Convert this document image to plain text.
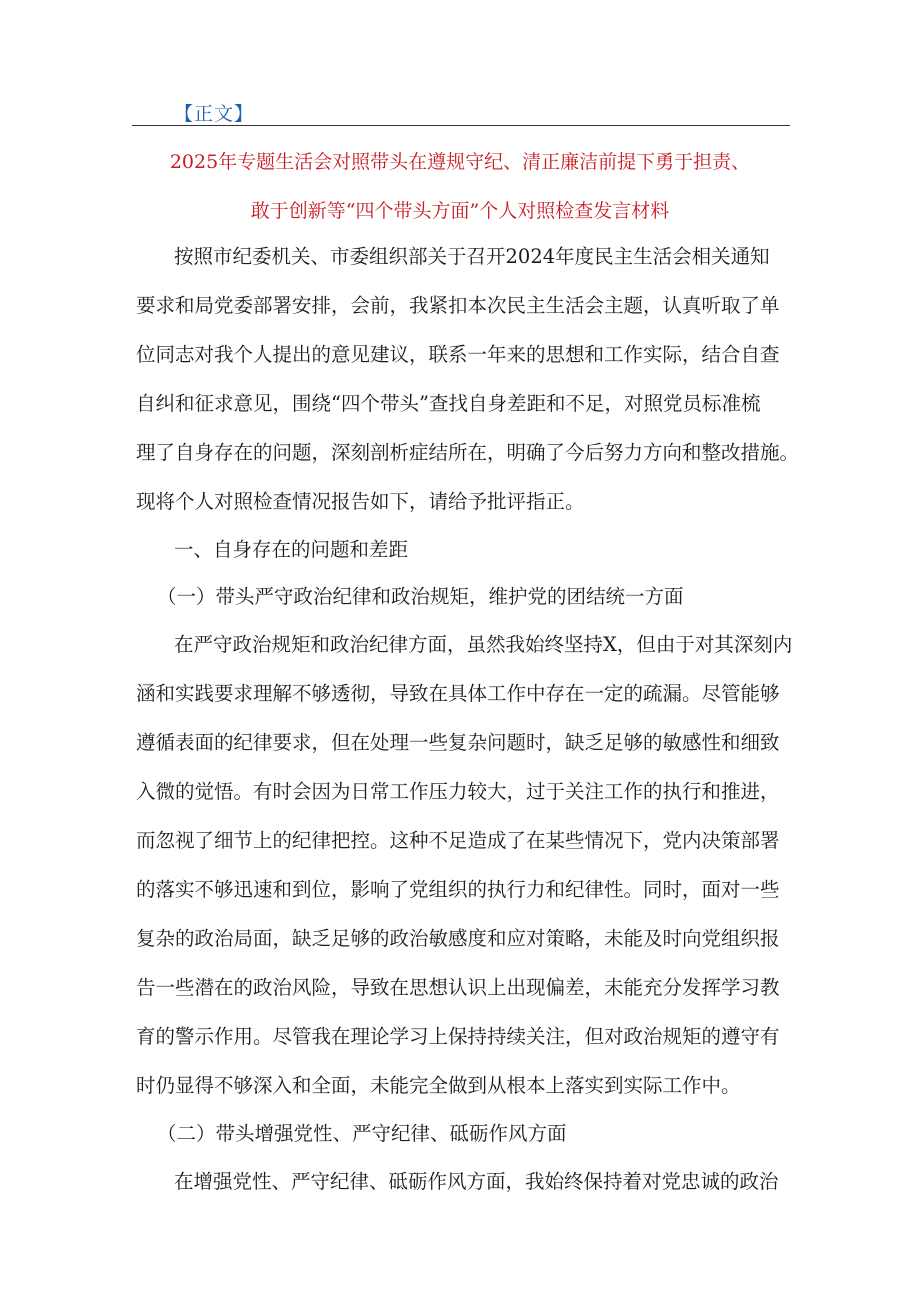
【正文】
2025年专题生活会对照带头在遵规守纪、清正廉洁前提下勇于担责、
敢于创新等“四个带头方面”个人对照检查发言材料
按照市纪委机关、市委组织部关于召开2024年度民主生活会相关通知
要求和局党委部署安排，会前，我紧扣本次民主生活会主题，认真听取了单
位同志对我个人提出的意见建议，联系一年来的思想和工作实际，结合自查
自纠和征求意见，围绕“四个带头”查找自身差距和不足，对照党员标准梳
理了自身存在的问题，深刻剖析症结所在，明确了今后努力方向和整改措施。
现将个人对照检查情况报告如下，请给予批评指正。
一、自身存在的问题和差距
（一）带头严守政治纪律和政治规矩，维护党的团结统一方面
在严守政治规矩和政治纪律方面，虽然我始终坚持X，但由于对其深刻内
涵和实践要求理解不够透彻，导致在具体工作中存在一定的疏漏。尽管能够
遵循表面的纪律要求，但在处理一些复杂问题时，缺乏足够的敏感性和细致
入微的觉悟。有时会因为日常工作压力较大，过于关注工作的执行和推进，
而忽视了细节上的纪律把控。这种不足造成了在某些情况下，党内决策部署
的落实不够迅速和到位，影响了党组织的执行力和纪律性。同时，面对一些
复杂的政治局面，缺乏足够的政治敏感度和应对策略，未能及时向党组织报
告一些潜在的政治风险，导致在思想认识上出现偏差，未能充分发挥学习教
育的警示作用。尽管我在理论学习上保持持续关注，但对政治规矩的遵守有
时仍显得不够深入和全面，未能完全做到从根本上落实到实际工作中。
（二）带头增强党性、严守纪律、砥砺作风方面
在增强党性、严守纪律、砥砺作风方面，我始终保持着对党忠诚的政治
